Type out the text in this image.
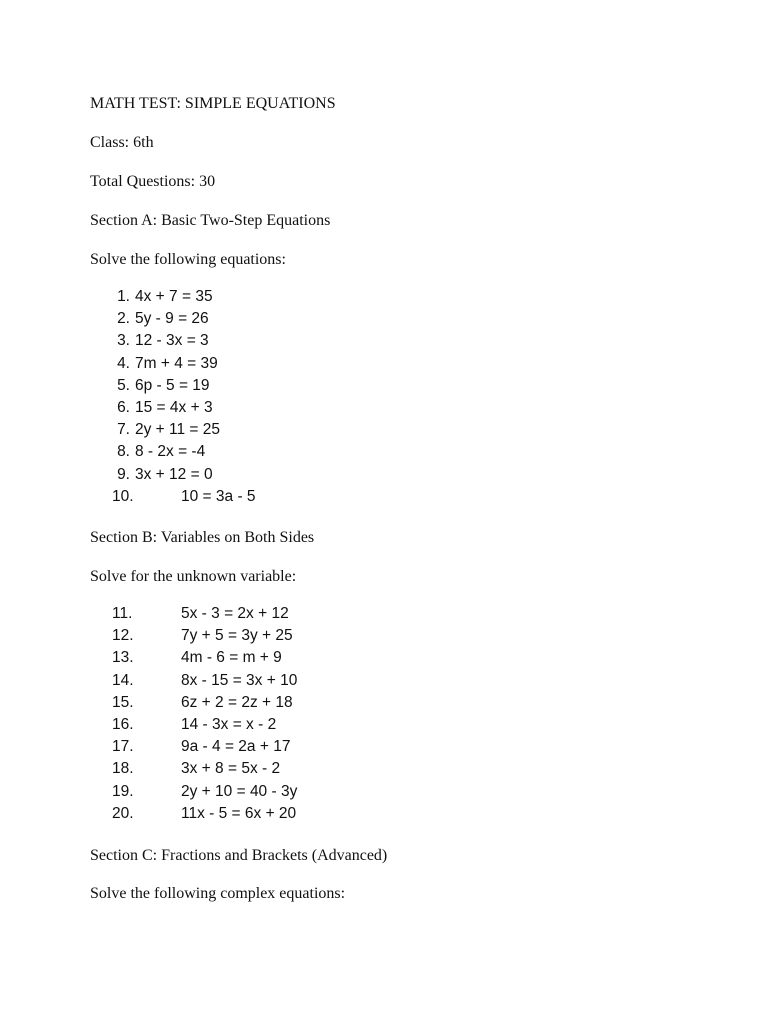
MATH TEST: SIMPLE EQUATIONS
Class: 6th
Total Questions: 30
Section A: Basic Two-Step Equations
Solve the following equations:
1. 4x + 7 = 35
2. 5y - 9 = 26
3. 12 - 3x = 3
4. 7m + 4 = 39
5. 6p - 5 = 19
6. 15 = 4x + 3
7. 2y + 11 = 25
8. 8 - 2x = -4
9. 3x + 12 = 0
10.	10 = 3a - 5
Section B: Variables on Both Sides
Solve for the unknown variable:
11.	5x - 3 = 2x + 12
12.	7y + 5 = 3y + 25
13.	4m - 6 = m + 9
14.	8x - 15 = 3x + 10
15.	6z + 2 = 2z + 18
16.	14 - 3x = x - 2
17.	9a - 4 = 2a + 17
18.	3x + 8 = 5x - 2
19.	2y + 10 = 40 - 3y
20.	11x - 5 = 6x + 20
Section C: Fractions and Brackets (Advanced)
Solve the following complex equations:
